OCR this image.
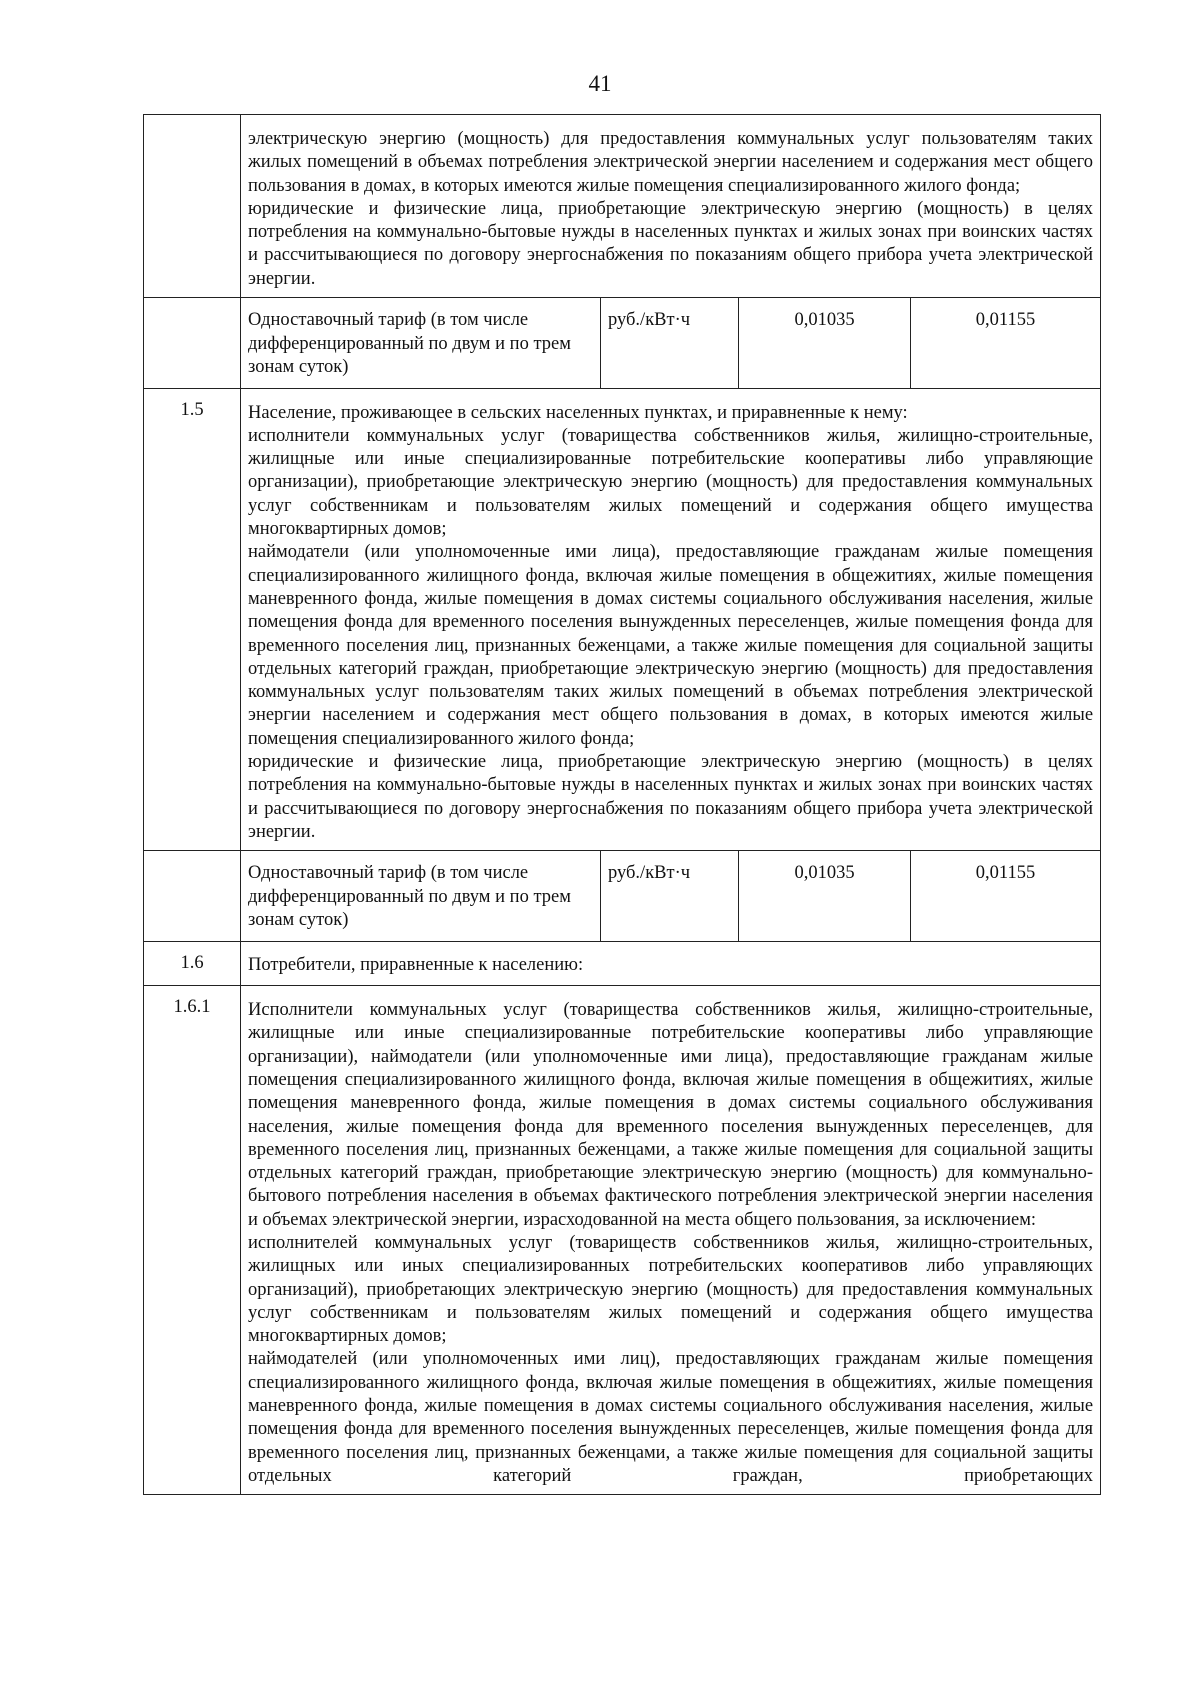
41

	электрическую энергию (мощность) для предоставления коммунальных услуг пользователям таких жилых помещений в объемах потребления электрической энергии населением и содержания мест общего пользования в домах, в которых имеются жилые помещения специализированного жилого фонда;

юридические и физические лица, приобретающие электрическую энергию (мощность) в целях потребления на коммунально-бытовые нужды в населенных пунктах и жилых зонах при воинских частях и рассчитывающиеся по договору энергоснабжения по показаниям общего прибора учета электрической энергии.			

	Одноставочный тариф (в том числе дифференцированный по двум и по трем зонам суток)	руб./кВт·ч	0,01035	0,01155
1.5	Население, проживающее в сельских населенных пунктах, и приравненные к нему:

исполнители коммунальных услуг (товарищества собственников жилья, жилищно-строительные, жилищные или иные специализированные потребительские кооперативы либо управляющие организации), приобретающие электрическую энергию (мощность) для предоставления коммунальных услуг собственникам и пользователям жилых помещений и содержания общего имущества многоквартирных домов;

наймодатели (или уполномоченные ими лица), предоставляющие гражданам жилые помещения специализированного жилищного фонда, включая жилые помещения в общежитиях, жилые помещения маневренного фонда, жилые помещения в домах системы социального обслуживания населения, жилые помещения фонда для временного поселения вынужденных переселенцев, жилые помещения фонда для временного поселения лиц, признанных беженцами, а также жилые помещения для социальной защиты отдельных категорий граждан, приобретающие электрическую энергию (мощность) для предоставления коммунальных услуг пользователям таких жилых помещений в объемах потребления электрической энергии населением и содержания мест общего пользования в домах, в которых имеются жилые помещения специализированного жилого фонда;

юридические и физические лица, приобретающие электрическую энергию (мощность) в целях потребления на коммунально-бытовые нужды в населенных пунктах и жилых зонах при воинских частях и рассчитывающиеся по договору энергоснабжения по показаниям общего прибора учета электрической энергии.			

	Одноставочный тариф (в том числе дифференцированный по двум и по трем зонам суток)	руб./кВт·ч	0,01035	0,01155
1.6	Потребители, приравненные к населению:			
1.6.1	Исполнители коммунальных услуг (товарищества собственников жилья, жилищно-строительные, жилищные или иные специализированные потребительские кооперативы либо управляющие организации), наймодатели (или уполномоченные ими лица), предоставляющие гражданам жилые помещения специализированного жилищного фонда, включая жилые помещения в общежитиях, жилые помещения маневренного фонда, жилые помещения в домах системы социального обслуживания населения, жилые помещения фонда для временного поселения вынужденных переселенцев, для временного поселения лиц, признанных беженцами, а также жилые помещения для социальной защиты отдельных категорий граждан, приобретающие электрическую энергию (мощность) для коммунально-бытового потребления населения в объемах фактического потребления электрической энергии населения и объемах электрической энергии, израсходованной на места общего пользования, за исключением:

исполнителей коммунальных услуг (товариществ собственников жилья, жилищно-строительных, жилищных или иных специализированных потребительских кооперативов либо управляющих организаций), приобретающих электрическую энергию (мощность) для предоставления коммунальных услуг собственникам и пользователям жилых помещений и содержания общего имущества многоквартирных домов;

наймодателей (или уполномоченных ими лиц), предоставляющих гражданам жилые помещения специализированного жилищного фонда, включая жилые помещения в общежитиях, жилые помещения маневренного фонда, жилые помещения в домах системы социального обслуживания населения, жилые помещения фонда для временного поселения вынужденных переселенцев, жилые помещения фонда для временного поселения лиц, признанных беженцами, а также жилые помещения для социальной защиты отдельных категорий граждан, приобретающих			
